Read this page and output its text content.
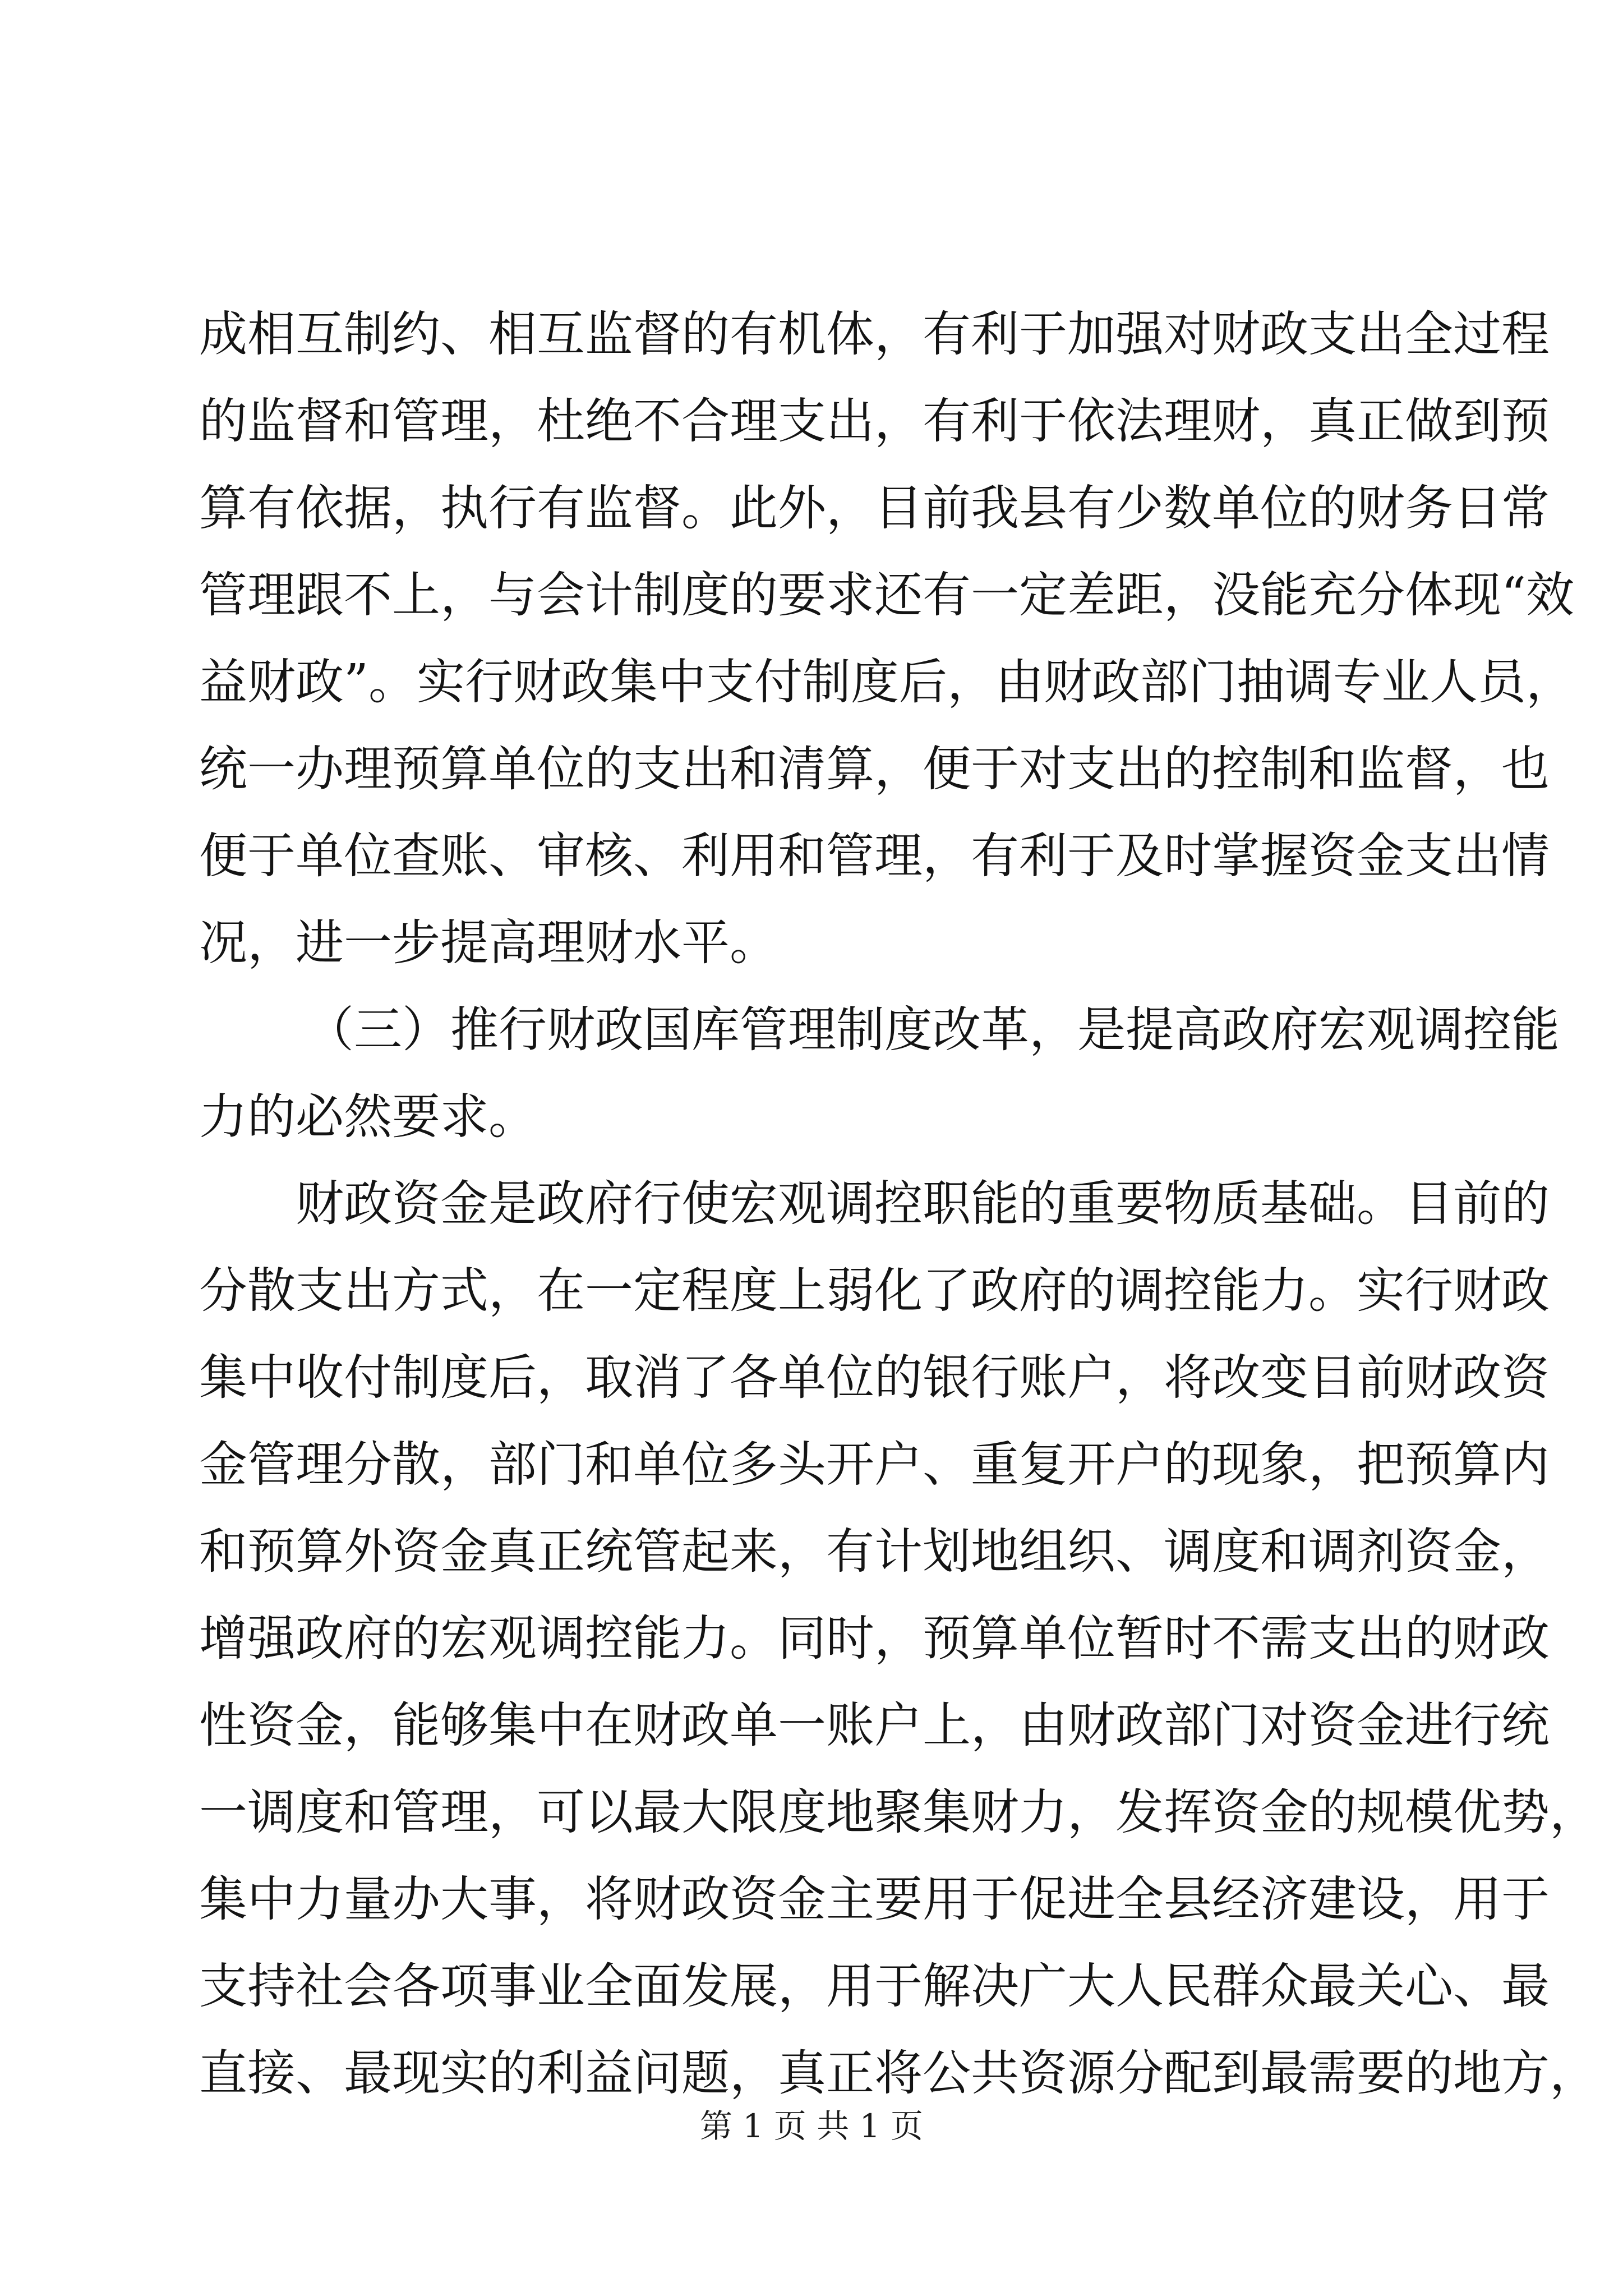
成相互制约、相互监督的有机体，有利于加强对财政支出全过程
的监督和管理，杜绝不合理支出，有利于依法理财，真正做到预
算有依据，执行有监督。此外，目前我县有少数单位的财务日常
管理跟不上，与会计制度的要求还有一定差距，没能充分体现“效
益财政”。实行财政集中支付制度后，由财政部门抽调专业人员，
统一办理预算单位的支出和清算，便于对支出的控制和监督，也
便于单位查账、审核、利用和管理，有利于及时掌握资金支出情
况，进一步提高理财水平。
（三）推行财政国库管理制度改革，是提高政府宏观调控能
力的必然要求。
财政资金是政府行使宏观调控职能的重要物质基础。目前的
分散支出方式，在一定程度上弱化了政府的调控能力。实行财政
集中收付制度后，取消了各单位的银行账户，将改变目前财政资
金管理分散，部门和单位多头开户、重复开户的现象，把预算内
和预算外资金真正统管起来，有计划地组织、调度和调剂资金，
增强政府的宏观调控能力。同时，预算单位暂时不需支出的财政
性资金，能够集中在财政单一账户上，由财政部门对资金进行统
一调度和管理，可以最大限度地聚集财力，发挥资金的规模优势，
集中力量办大事，将财政资金主要用于促进全县经济建设，用于
支持社会各项事业全面发展，用于解决广大人民群众最关心、最
直接、最现实的利益问题，真正将公共资源分配到最需要的地方，
第 1 页 共 1 页
